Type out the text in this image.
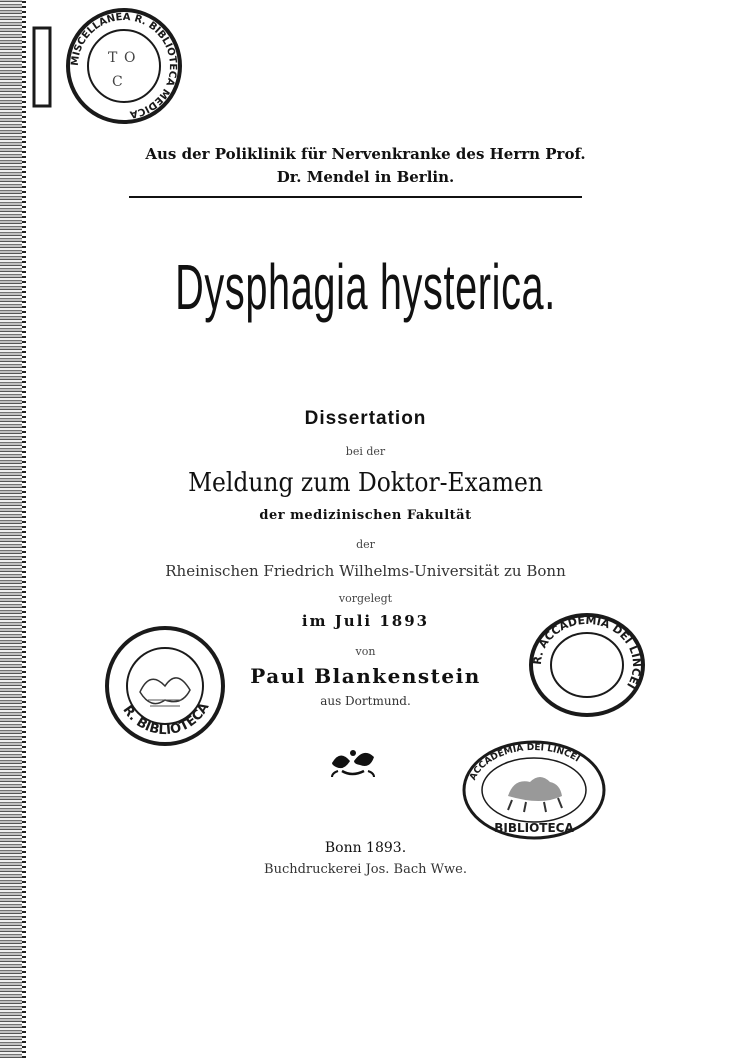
MISCELLANEA R. BIBLIOTECA MEDICA
T O
C
Aus der Poliklinik für Nervenkranke des Herrn Prof.
Dr. Mendel in Berlin.
Dysphagia hysterica.
Dissertation
bei der
Meldung zum Doktor-Examen
der medizinischen Fakultät
der
Rheinischen Friedrich Wilhelms-Universität zu Bonn
vorgelegt
im Juli 1893
von
Paul Blankenstein
aus Dortmund.
R. BIBLIOTECA
R. ACCADEMIA DEI LINCEI
ACCADEMIA DEI LINCEI
BIBLIOTECA
Bonn 1893.
Buchdruckerei Jos. Bach Wwe.
